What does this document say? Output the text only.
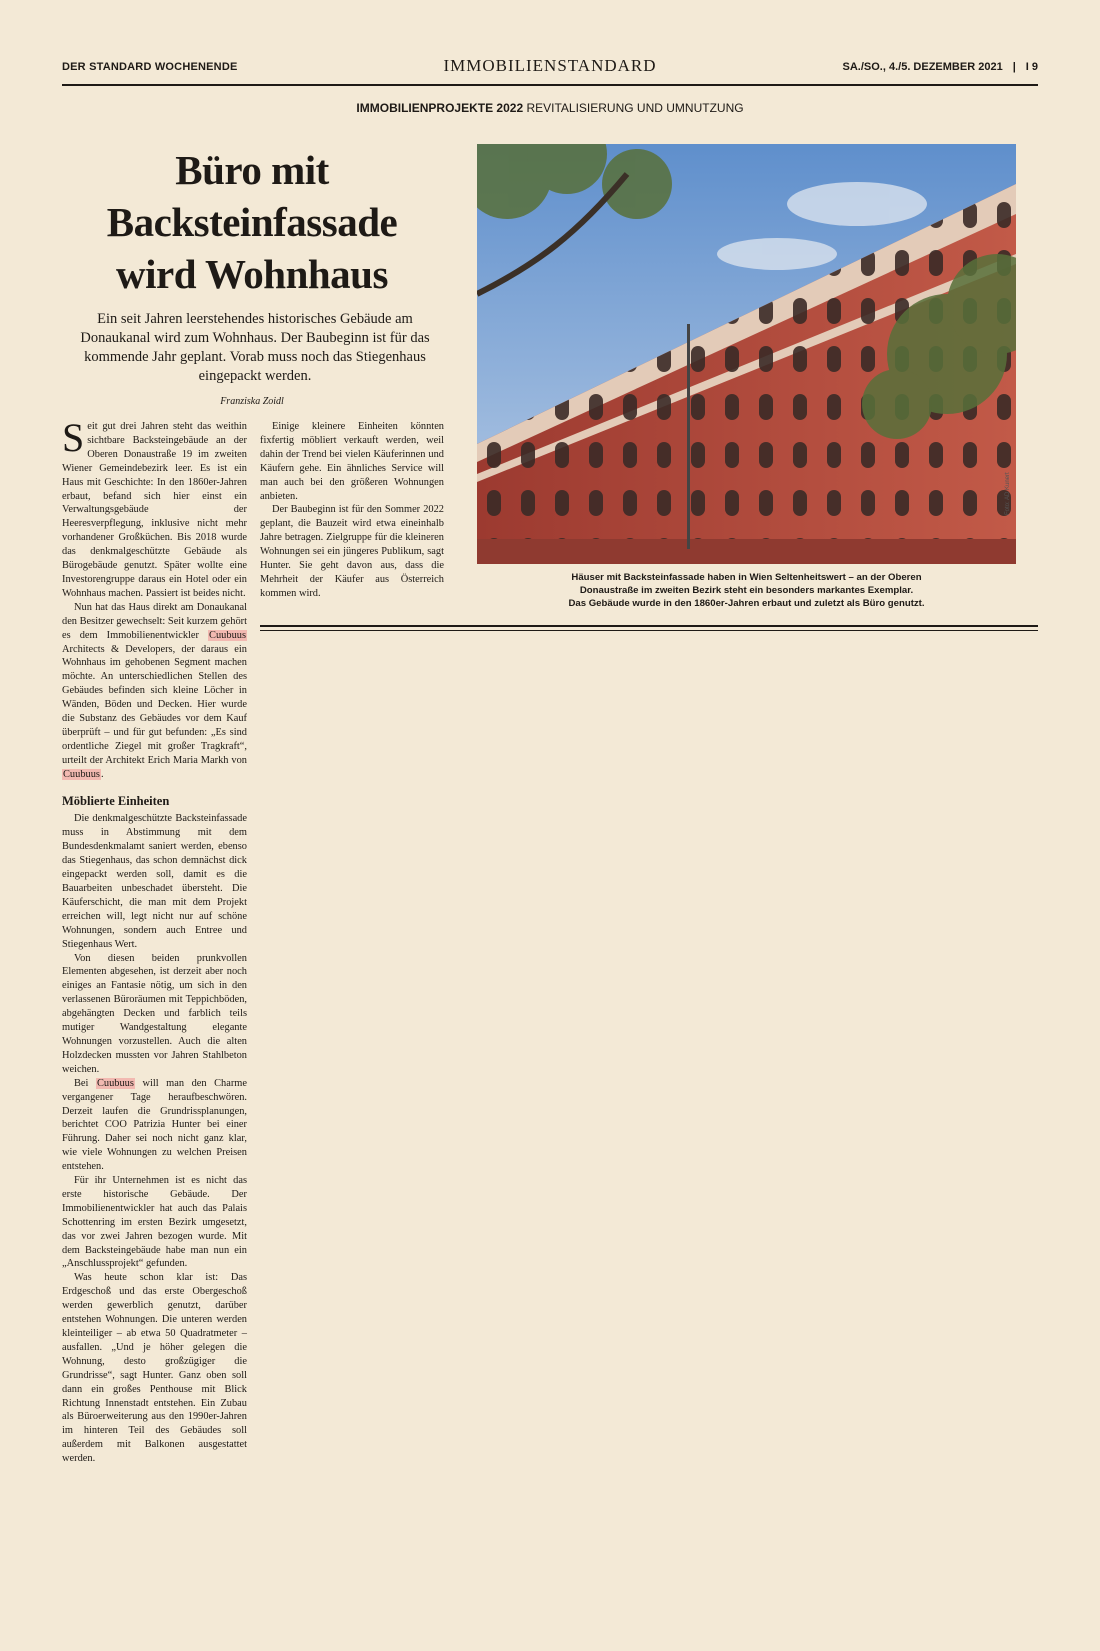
DER STANDARD WOCHENENDE	IMMOBILIENSTANDARD	SA./SO., 4./5. DEZEMBER 2021 | I 9
IMMOBILIENPROJEKTE 2022 REVITALISIERUNG UND UMNUTZUNG
Büro mit
Backsteinfassade
wird Wohnhaus

Ein seit Jahren leerstehendes historisches Gebäude am Donaukanal wird zum Wohnhaus. Der Baubeginn ist für das kommende Jahr geplant. Vorab muss noch das Stiegenhaus eingepackt werden.

Franziska Zoidl

Seit gut drei Jahren steht das weithin sichtbare Backsteingebäude an der Oberen Donaustraße 19 im zweiten Wiener Gemeindebezirk leer. Es ist ein Haus mit Geschichte: In den 1860er-Jahren erbaut, befand sich hier einst ein Verwaltungsgebäude der Heeresverpflegung, inklusive nicht mehr vorhandener Großküchen. Bis 2018 wurde das denkmalgeschützte Gebäude als Bürogebäude genutzt. Später wollte eine Investorengruppe daraus ein Hotel oder ein Wohnhaus machen. Passiert ist beides nicht.

Nun hat das Haus direkt am Donaukanal den Besitzer gewechselt: Seit kurzem gehört es dem Immobilienentwickler Cuubuus Architects & Developers, der daraus ein Wohnhaus im gehobenen Segment machen möchte. An unterschiedlichen Stellen des Gebäudes befinden sich kleine Löcher in Wänden, Böden und Decken. Hier wurde die Substanz des Gebäudes vor dem Kauf überprüft – und für gut befunden: „Es sind ordentliche Ziegel mit großer Tragkraft“, urteilt der Architekt Erich Maria Markh von Cuubuus.

Möblierte Einheiten

Die denkmalgeschützte Backsteinfassade muss in Abstimmung mit dem Bundesdenkmalamt saniert werden, ebenso das Stiegenhaus, das schon demnächst dick eingepackt werden soll, damit es die Bauarbeiten unbeschadet übersteht. Die Käuferschicht, die man mit dem Projekt erreichen will, legt nicht nur auf schöne Wohnungen, sondern auch Entree und Stiegenhaus Wert.

Von diesen beiden prunkvollen Elementen abgesehen, ist derzeit aber noch einiges an Fantasie nötig, um sich in den verlassenen Büroräumen mit Teppichböden, abgehängten Decken und farblich teils mutiger Wandgestaltung elegante Wohnungen vorzustellen. Auch die alten Holzdecken mussten vor Jahren Stahlbeton weichen.

Bei Cuubuus will man den Charme vergangener Tage heraufbeschwören. Derzeit laufen die Grundrissplanungen, berichtet COO Patrizia Hunter bei einer Führung. Daher sei noch nicht ganz klar, wie viele Wohnungen zu welchen Preisen entstehen.

Für ihr Unternehmen ist es nicht das erste historische Gebäude. Der Immobilienentwickler hat auch das Palais Schottenring im ersten Bezirk umgesetzt, das vor zwei Jahren bezogen wurde. Mit dem Backsteingebäude habe man nun ein „Anschlussprojekt“ gefunden.

Was heute schon klar ist: Das Erdgeschoß und das erste Obergeschoß werden gewerblich genutzt, darüber entstehen Wohnungen. Die unteren werden kleinteiliger – ab etwa 50 Quadratmeter – ausfallen. „Und je höher gelegen die Wohnung, desto großzügiger die Grundrisse“, sagt Hunter. Ganz oben soll dann ein großes Penthouse mit Blick Richtung Innenstadt entstehen. Ein Zubau als Büroerweiterung aus den 1990er-Jahren im hinteren Teil des Gebäudes soll außerdem mit Balkonen ausgestattet werden.

Einige kleinere Einheiten könnten fixfertig möbliert verkauft werden, weil dahin der Trend bei vielen Käuferinnen und Käufern gehe. Ein ähnliches Service will man auch bei den größeren Wohnungen anbieten.

Der Baubeginn ist für den Sommer 2022 geplant, die Bauzeit wird etwa eineinhalb Jahre betragen. Zielgruppe für die kleineren Wohnungen sei ein jüngeres Publikum, sagt Hunter. Sie geht davon aus, dass die Mehrheit der Käufer aus Österreich kommen wird.

Foto: AD Kunert
Häuser mit Backsteinfassade haben in Wien Seltenheitswert – an der Oberen
Donaustraße im zweiten Bezirk steht ein besonders markantes Exemplar.
Das Gebäude wurde in den 1860er-Jahren erbaut und zuletzt als Büro genutzt.
